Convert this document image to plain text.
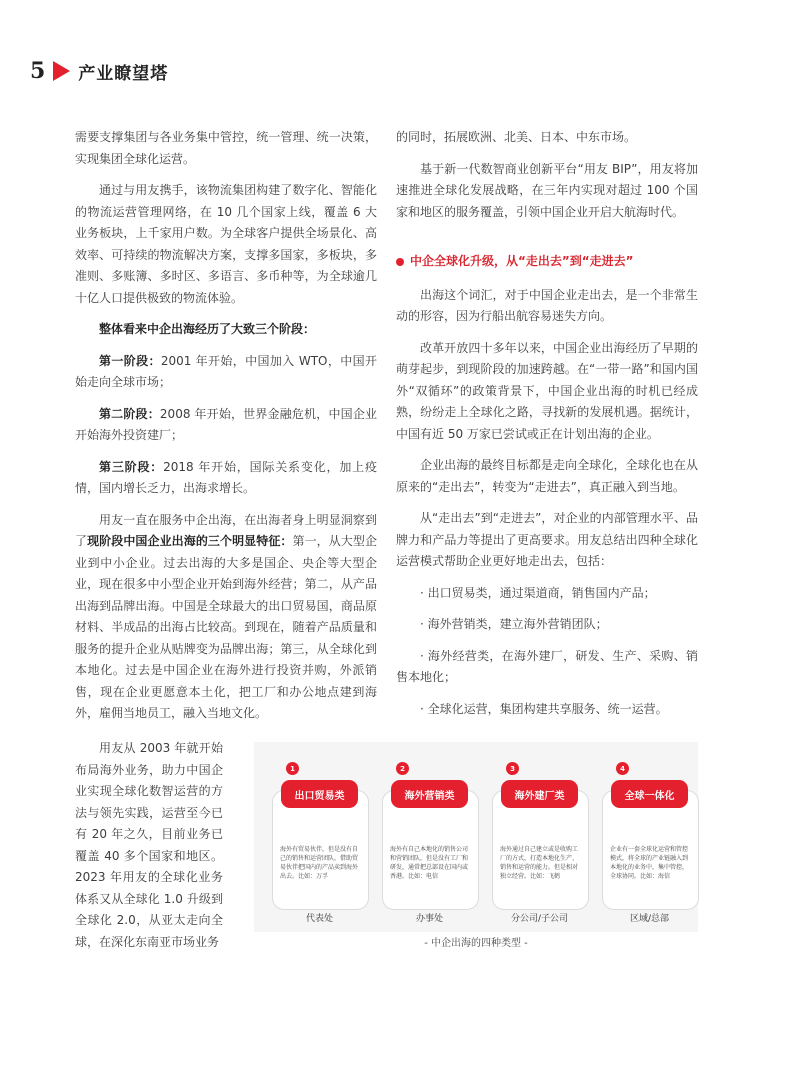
5 产业瞭望塔

需要支撑集团与各业务集中管控，统一管理、统一决策，实现集团全球化运营。

通过与用友携手，该物流集团构建了数字化、智能化的物流运营管理网络，在 10 几个国家上线，覆盖 6 大业务板块，上千家用户数。为全球客户提供全场景化、高效率、可持续的物流解决方案，支撑多国家，多板块，多准则、多账簿、多时区、多语言、多币种等，为全球逾几十亿人口提供极致的物流体验。

整体看来中企出海经历了大致三个阶段：

第一阶段：2001 年开始，中国加入 WTO，中国开始走向全球市场；

第二阶段：2008 年开始，世界金融危机，中国企业开始海外投资建厂；

第三阶段：2018 年开始，国际关系变化，加上疫情，国内增长乏力，出海求增长。

用友一直在服务中企出海，在出海者身上明显洞察到了现阶段中国企业出海的三个明显特征：第一，从大型企业到中小企业。过去出海的大多是国企、央企等大型企业，现在很多中小型企业开始到海外经营；第二，从产品出海到品牌出海。中国是全球最大的出口贸易国，商品原材料、半成品的出海占比较高。到现在，随着产品质量和服务的提升企业从贴牌变为品牌出海；第三，从全球化到本地化。过去是中国企业在海外进行投资并购，外派销售，现在企业更愿意本土化，把工厂和办公地点建到海外，雇佣当地员工，融入当地文化。

用友从 2003 年就开始布局海外业务，助力中国企业实现全球化数智运营的方法与领先实践，运营至今已有 20 年之久，目前业务已覆盖 40 多个国家和地区。2023 年用友的全球化业务体系又从全球化 1.0 升级到全球化 2.0，从亚太走向全球，在深化东南亚市场业务

的同时，拓展欧洲、北美、日本、中东市场。

基于新一代数智商业创新平台“用友 BIP”，用友将加速推进全球化发展战略，在三年内实现对超过 100 个国家和地区的服务覆盖，引领中国企业开启大航海时代。

中企全球化升级，从“走出去”到“走进去”

出海这个词汇，对于中国企业走出去，是一个非常生动的形容，因为行船出航容易迷失方向。

改革开放四十多年以来，中国企业出海经历了早期的萌芽起步，到现阶段的加速跨越。在“一带一路”和国内国外“双循环”的政策背景下，中国企业出海的时机已经成熟，纷纷走上全球化之路，寻找新的发展机遇。据统计，中国有近 50 万家已尝试或正在计划出海的企业。

企业出海的最终目标都是走向全球化，全球化也在从原来的“走出去”，转变为“走进去”，真正融入到当地。

从“走出去”到“走进去”，对企业的内部管理水平、品牌力和产品力等提出了更高要求。用友总结出四种全球化运营模式帮助企业更好地走出去，包括：

· 出口贸易类，通过渠道商，销售国内产品；

· 海外营销类，建立海外营销团队；

· 海外经营类，在海外建厂，研发、生产、采购、销售本地化；

· 全球化运营，集团构建共享服务、统一运营。

海外有贸易伙伴，但是没有自己的销售和运营团队，借助贸易伙伴把国内的产品卖到海外出去。比如：万孚
1
出口贸易类
代表处
海外有自己本地化的销售公司和营销团队，但是没有工厂和研发，通常把总部设在国内或香港。比如：电信
2
海外营销类
办事处
海外通过自己建立或是收购工厂的方式，打造本地化生产、销售和运营的能力。但是相对独立经营。比如：飞鹤
3
海外建厂类
分公司/子公司
企业有一套全球化运营和管控模式，将全球的产业链融入到本地化的业务中，集中管控，全球协同。比如：海信
4
全球一体化
区域/总部
- 中企出海的四种类型 -
